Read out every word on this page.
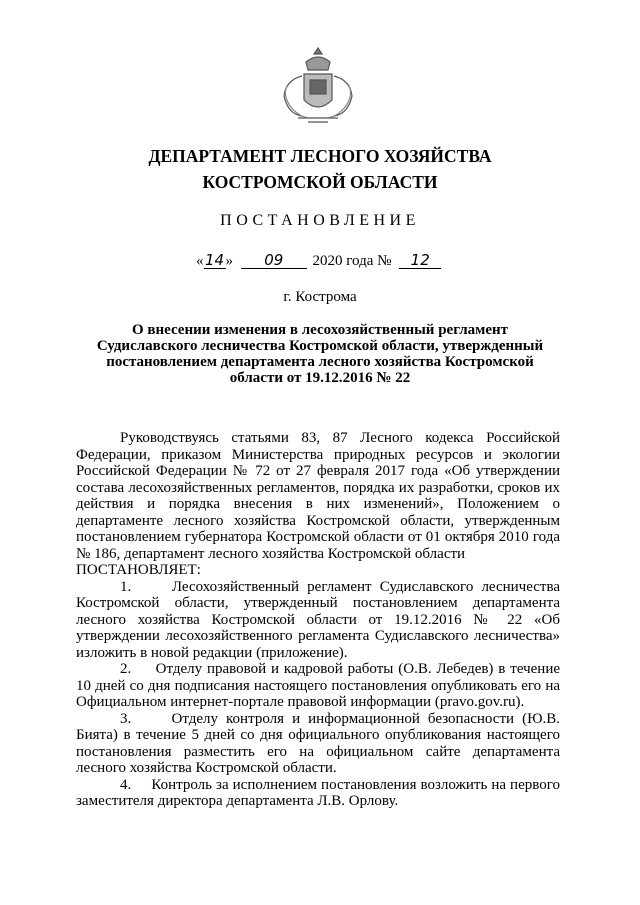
ДЕПАРТАМЕНТ ЛЕСНОГО ХОЗЯЙСТВА
КОСТРОМСКОЙ ОБЛАСТИ
ПОСТАНОВЛЕНИЕ
«14» 09 2020 года № 12
г. Кострома
О внесении изменения в лесохозяйственный регламент Судиславского лесничества Костромской области, утвержденный постановлением департамента лесного хозяйства Костромской области от 19.12.2016 № 22

Руководствуясь статьями 83, 87 Лесного кодекса Российской Федерации, приказом Министерства природных ресурсов и экологии Российской Федерации № 72 от 27 февраля 2017 года «Об утверждении состава лесохозяйственных регламентов, порядка их разработки, сроков их действия и порядка внесения в них изменений», Положением о департаменте лесного хозяйства Костромской области, утвержденным постановлением губернатора Костромской области от 01 октября 2010 года № 186, департамент лесного хозяйства Костромской области

ПОСТАНОВЛЯЕТ:

1.	Лесохозяйственный регламент Судиславского лесничества Костромской области, утвержденный постановлением департамента лесного хозяйства Костромской области от 19.12.2016 № 22 «Об утверждении лесохозяйственного регламента Судиславского лесничества» изложить в новой редакции (приложение).

2. Отделу правовой и кадровой работы (О.В. Лебедев) в течение 10 дней со дня подписания настоящего постановления опубликовать его на Официальном интернет-портале правовой информации (pravo.gov.ru).

3.	Отделу контроля и информационной безопасности (Ю.В. Бията) в течение 5 дней со дня официального опубликования настоящего постановления разместить его на официальном сайте департамента лесного хозяйства Костромской области.

4. Контроль за исполнением постановления возложить на первого заместителя директора департамента Л.В. Орлову.
